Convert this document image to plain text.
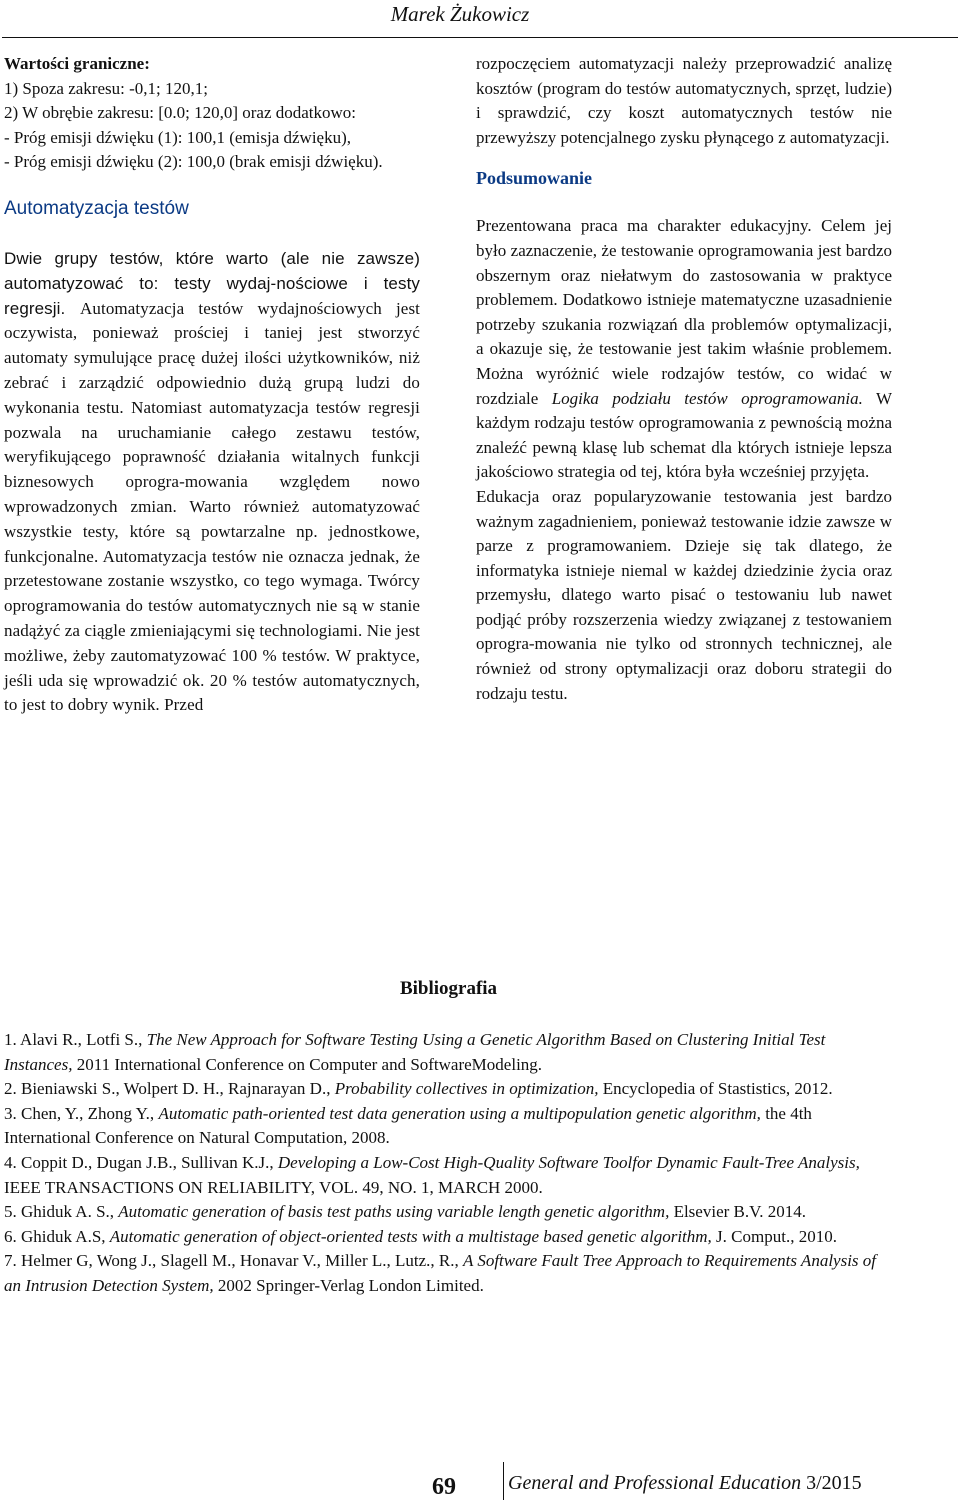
Marek Żukowicz

Wartości graniczne:

1) Spoza zakresu: -0,1; 120,1;

2) W obrębie zakresu: [0.0; 120,0] oraz dodatkowo:

- Próg emisji dźwięku (1): 100,1 (emisja dźwięku),

- Próg emisji dźwięku (2): 100,0 (brak emisji dźwięku).

Automatyzacja testów

Dwie grupy testów, które warto (ale nie zawsze) automatyzować to: testy wydaj-nościowe i testy regresji. Automatyzacja testów wydajnościowych jest oczywista, ponieważ prościej i taniej jest stworzyć automaty symulujące pracę dużej ilości użytkowników, niż zebrać i zarządzić odpowiednio dużą grupą ludzi do wykonania testu. Natomiast automatyzacja testów regresji pozwala na uruchamianie całego zestawu testów, weryfikującego poprawność działania witalnych funkcji biznesowych oprogra-mowania względem nowo wprowadzonych zmian. Warto również automatyzować wszystkie testy, które są powtarzalne np. jednostkowe, funkcjonalne. Automatyzacja testów nie oznacza jednak, że przetestowane zostanie wszystko, co tego wymaga. Twórcy oprogramowania do testów automatycznych nie są w stanie nadążyć za ciągle zmieniającymi się technologiami. Nie jest możliwe, żeby zautomatyzować 100 % testów. W praktyce, jeśli uda się wprowadzić ok. 20 % testów automatycznych, to jest to dobry wynik. Przed

rozpoczęciem automatyzacji należy przeprowadzić analizę kosztów (program do testów automatycznych, sprzęt, ludzie) i sprawdzić, czy koszt automatycznych testów nie przewyższy potencjalnego zysku płynącego z automatyzacji.

Podsumowanie

Prezentowana praca ma charakter edukacyjny. Celem jej było zaznaczenie, że testowanie oprogramowania jest bardzo obszernym oraz niełatwym do zastosowania w praktyce problemem. Dodatkowo istnieje matematyczne uzasadnienie potrzeby szukania rozwiązań dla problemów optymalizacji, a okazuje się, że testowanie jest takim właśnie problemem. Można wyróżnić wiele rodzajów testów, co widać w rozdziale Logika podziału testów oprogramowania. W każdym rodzaju testów oprogramowania z pewnością można znaleźć pewną klasę lub schemat dla których istnieje lepsza jakościowo strategia od tej, która była wcześniej przyjęta.

Edukacja oraz popularyzowanie testowania jest bardzo ważnym zagadnieniem, ponieważ testowanie idzie zawsze w parze z programowaniem. Dzieje się tak dlatego, że informatyka istnieje niemal w każdej dziedzinie życia oraz przemysłu, dlatego warto pisać o testowaniu lub nawet podjąć próby rozszerzenia wiedzy związanej z testowaniem oprogra-mowania nie tylko od stronnych technicznej, ale również od strony optymalizacji oraz doboru strategii do rodzaju testu.

Bibliografia

1. Alavi R., Lotfi S., The New Approach for Software Testing Using a Genetic Algorithm Based on Clustering Initial Test Instances, 2011 International Conference on Computer and SoftwareModeling.

2. Bieniawski S., Wolpert D. H., Rajnarayan D., Probability collectives in optimization, Encyclopedia of Stastistics, 2012.

3. Chen, Y., Zhong Y., Automatic path-oriented test data generation using a multipopulation genetic algorithm, the 4th International Conference on Natural Computation, 2008.

4. Coppit D., Dugan J.B., Sullivan K.J., Developing a Low-Cost High-Quality Software Toolfor Dynamic Fault-Tree Analysis, IEEE TRANSACTIONS ON RELIABILITY, VOL. 49, NO. 1, MARCH 2000.

5. Ghiduk A. S., Automatic generation of basis test paths using variable length genetic algorithm, Elsevier B.V. 2014.

6. Ghiduk A.S, Automatic generation of object-oriented tests with a multistage based genetic algorithm, J. Comput., 2010.

7. Helmer G, Wong J., Slagell M., Honavar V., Miller L., Lutz., R., A Software Fault Tree Approach to Requirements Analysis of an Intrusion Detection System, 2002 Springer-Verlag London Limited.

69	General and Professional Education 3/2015
